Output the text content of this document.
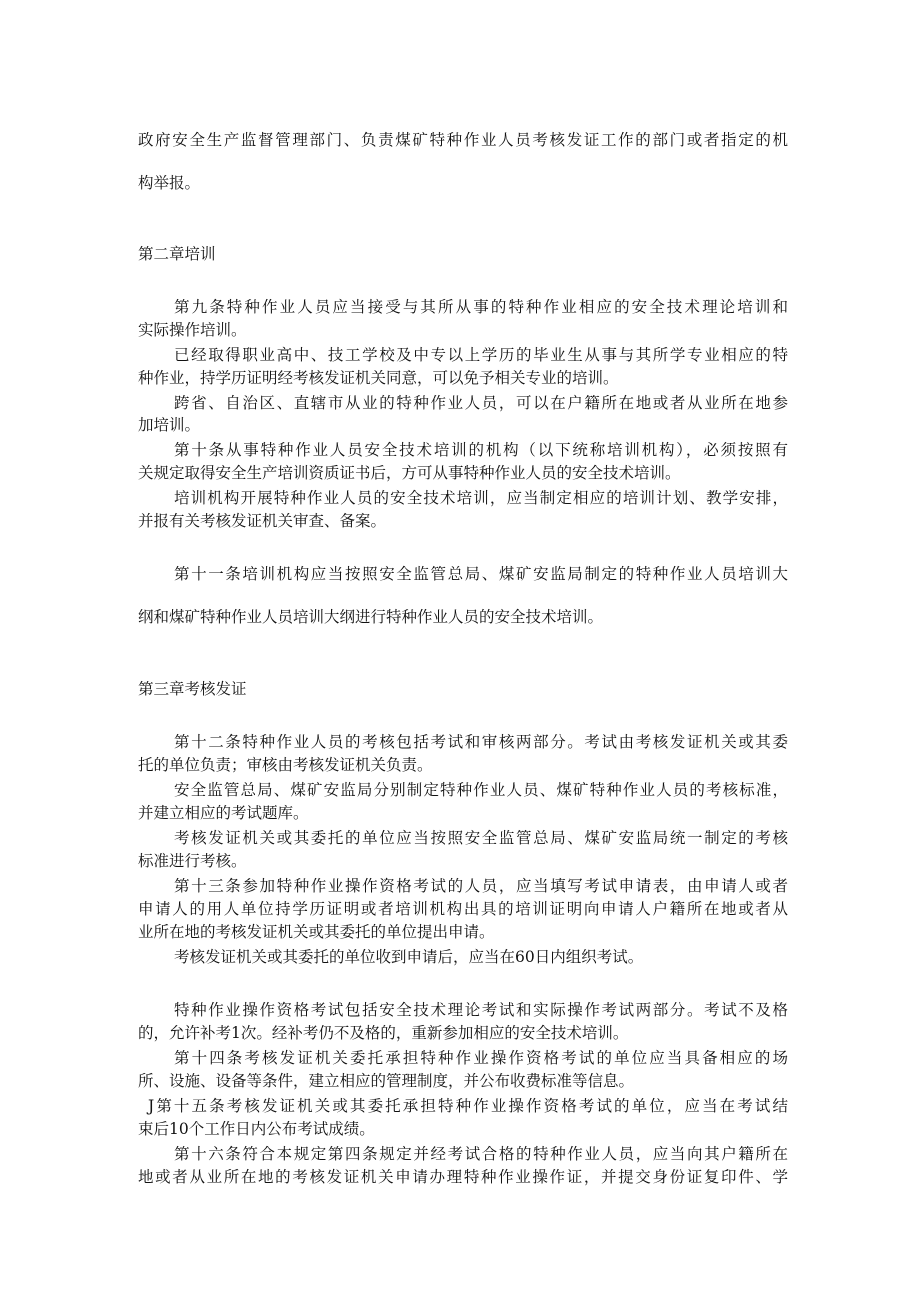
政府安全生产监督管理部门、负责煤矿特种作业人员考核发证工作的部门或者指定的机
构举报。
第二章培训
第九条特种作业人员应当接受与其所从事的特种作业相应的安全技术理论培训和
实际操作培训。
已经取得职业高中、技工学校及中专以上学历的毕业生从事与其所学专业相应的特
种作业，持学历证明经考核发证机关同意，可以免予相关专业的培训。
跨省、自治区、直辖市从业的特种作业人员，可以在户籍所在地或者从业所在地参
加培训。
第十条从事特种作业人员安全技术培训的机构（以下统称培训机构），必须按照有
关规定取得安全生产培训资质证书后，方可从事特种作业人员的安全技术培训。
培训机构开展特种作业人员的安全技术培训，应当制定相应的培训计划、教学安排，
并报有关考核发证机关审查、备案。
第十一条培训机构应当按照安全监管总局、煤矿安监局制定的特种作业人员培训大
纲和煤矿特种作业人员培训大纲进行特种作业人员的安全技术培训。
第三章考核发证
第十二条特种作业人员的考核包括考试和审核两部分。考试由考核发证机关或其委
托的单位负责；审核由考核发证机关负责。
安全监管总局、煤矿安监局分别制定特种作业人员、煤矿特种作业人员的考核标准，
并建立相应的考试题库。
考核发证机关或其委托的单位应当按照安全监管总局、煤矿安监局统一制定的考核
标准进行考核。
第十三条参加特种作业操作资格考试的人员，应当填写考试申请表，由申请人或者
申请人的用人单位持学历证明或者培训机构出具的培训证明向申请人户籍所在地或者从
业所在地的考核发证机关或其委托的单位提出申请。
考核发证机关或其委托的单位收到申请后，应当在60日内组织考试。
特种作业操作资格考试包括安全技术理论考试和实际操作考试两部分。考试不及格
的，允许补考1次。经补考仍不及格的，重新参加相应的安全技术培训。
第十四条考核发证机关委托承担特种作业操作资格考试的单位应当具备相应的场
所、设施、设备等条件，建立相应的管理制度，并公布收费标准等信息。
J第十五条考核发证机关或其委托承担特种作业操作资格考试的单位，应当在考试结
束后10个工作日内公布考试成绩。
第十六条符合本规定第四条规定并经考试合格的特种作业人员，应当向其户籍所在
地或者从业所在地的考核发证机关申请办理特种作业操作证，并提交身份证复印件、学
